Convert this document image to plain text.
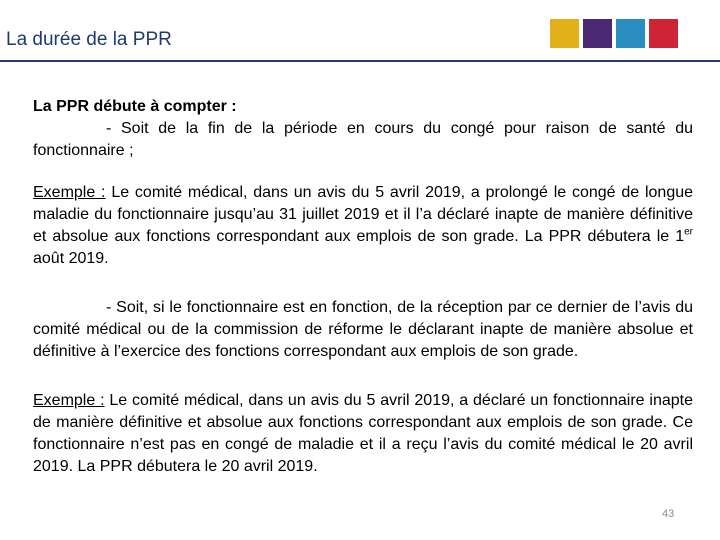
La durée de la PPR

La PPR débute à compter :

- Soit de la fin de la période en cours du congé pour raison de santé du fonctionnaire ;

Exemple : Le comité médical, dans un avis du 5 avril 2019, a prolongé le congé de longue maladie du fonctionnaire jusqu’au 31 juillet 2019 et il l’a déclaré inapte de manière définitive et absolue aux fonctions correspondant aux emplois de son grade. La PPR débutera le 1er août 2019.

- Soit, si le fonctionnaire est en fonction, de la réception par ce dernier de l’avis du comité médical ou de la commission de réforme le déclarant inapte de manière absolue et définitive à l’exercice des fonctions correspondant aux emplois de son grade.

Exemple : Le comité médical, dans un avis du 5 avril 2019, a déclaré un fonctionnaire inapte de manière définitive et absolue aux fonctions correspondant aux emplois de son grade. Ce fonctionnaire n’est pas en congé de maladie et il a reçu l’avis du comité médical le 20 avril 2019. La PPR débutera le 20 avril 2019.

43
